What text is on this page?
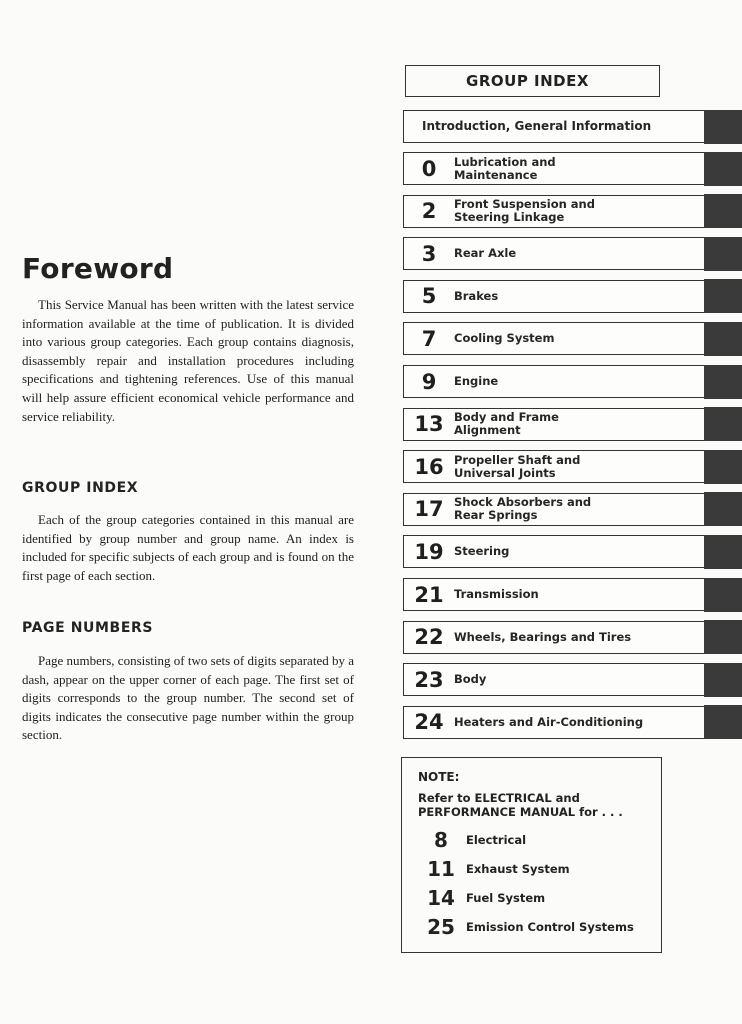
Foreword

This Service Manual has been written with the latest service information available at the time of publication. It is divided into various group categories. Each group contains diagnosis, disassembly repair and installation procedures including specifications and tightening references. Use of this manual will help assure efficient economical vehicle performance and service reliability.

GROUP INDEX

Each of the group categories contained in this manual are identified by group number and group name. An index is included for specific subjects of each group and is found on the first page of each section.

PAGE NUMBERS

Page numbers, consisting of two sets of digits separated by a dash, appear on the upper corner of each page. The first set of digits corresponds to the group number. The second set of digits indicates the consecutive page number within the group section.

GROUP INDEX
Introduction, General Information
0	Lubrication and
Maintenance
2	Front Suspension and
Steering Linkage
3	Rear Axle
5	Brakes
7	Cooling System
9	Engine
13 Body and Frame
Alignment
16 Propeller Shaft and
Universal Joints
17 Shock Absorbers and
Rear Springs
19 Steering
21 Transmission
22 Wheels, Bearings and Tires
23 Body
24 Heaters and Air-Conditioning
NOTE:
Refer to ELECTRICAL and
PERFORMANCE MANUAL for . . .
8	Electrical
11 Exhaust System
14 Fuel System
25 Emission Control Systems
